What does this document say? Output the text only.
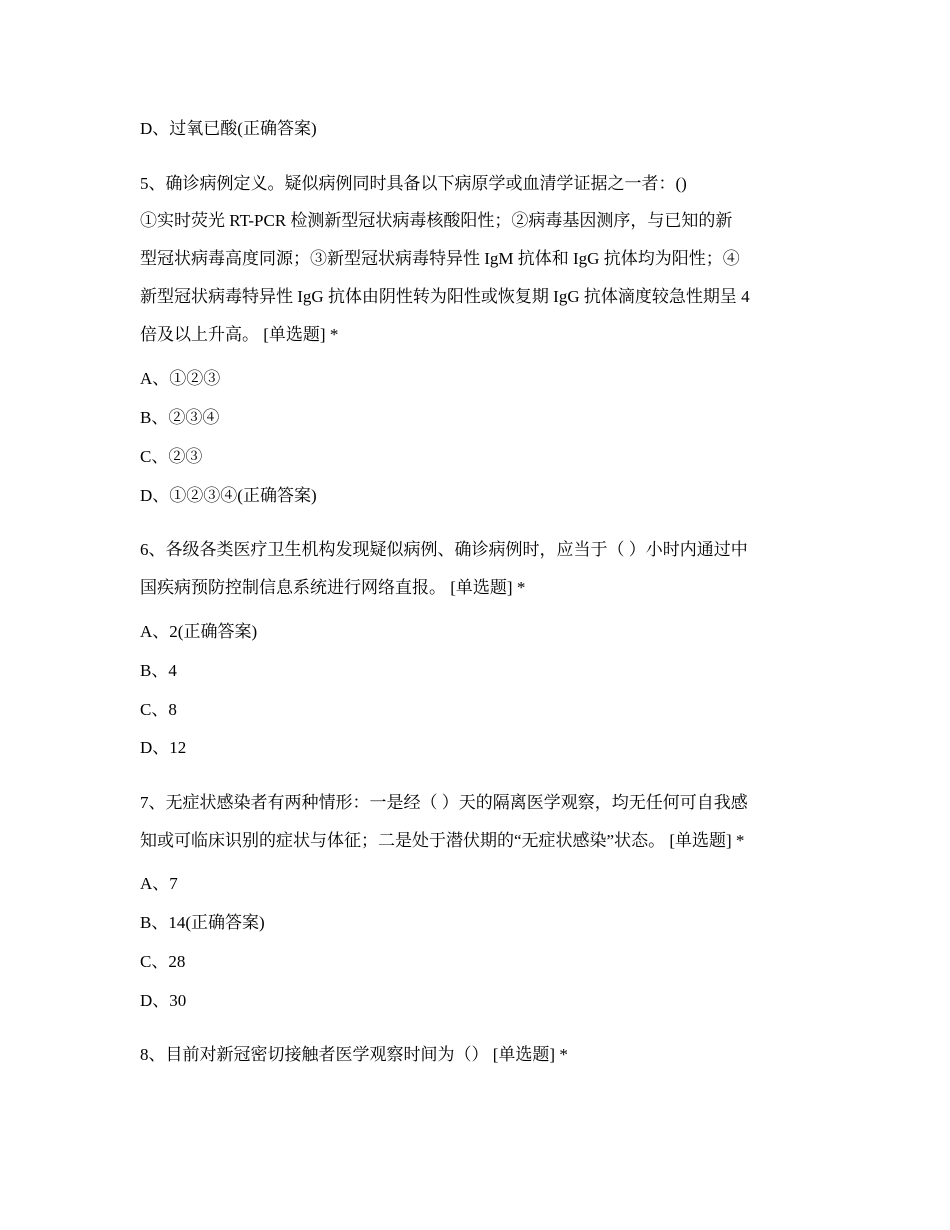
D、过氧已酸(正确答案)
5、确诊病例定义。疑似病例同时具备以下病原学或血清学证据之一者：()
①实时荧光 RT-PCR 检测新型冠状病毒核酸阳性；②病毒基因测序，与已知的新
型冠状病毒高度同源；③新型冠状病毒特异性 IgM 抗体和 IgG 抗体均为阳性；④
新型冠状病毒特异性 IgG 抗体由阴性转为阳性或恢复期 IgG 抗体滴度较急性期呈 4
倍及以上升高。 [单选题] *
A、①②③
B、②③④
C、②③
D、①②③④(正确答案)
6、各级各类医疗卫生机构发现疑似病例、确诊病例时，应当于（ ）小时内通过中
国疾病预防控制信息系统进行网络直报。 [单选题] *
A、2(正确答案)
B、4
C、8
D、12
7、无症状感染者有两种情形：一是经（ ）天的隔离医学观察，均无任何可自我感
知或可临床识别的症状与体征；二是处于潜伏期的“无症状感染”状态。 [单选题] *
A、7
B、14(正确答案)
C、28
D、30
8、目前对新冠密切接触者医学观察时间为（） [单选题] *
